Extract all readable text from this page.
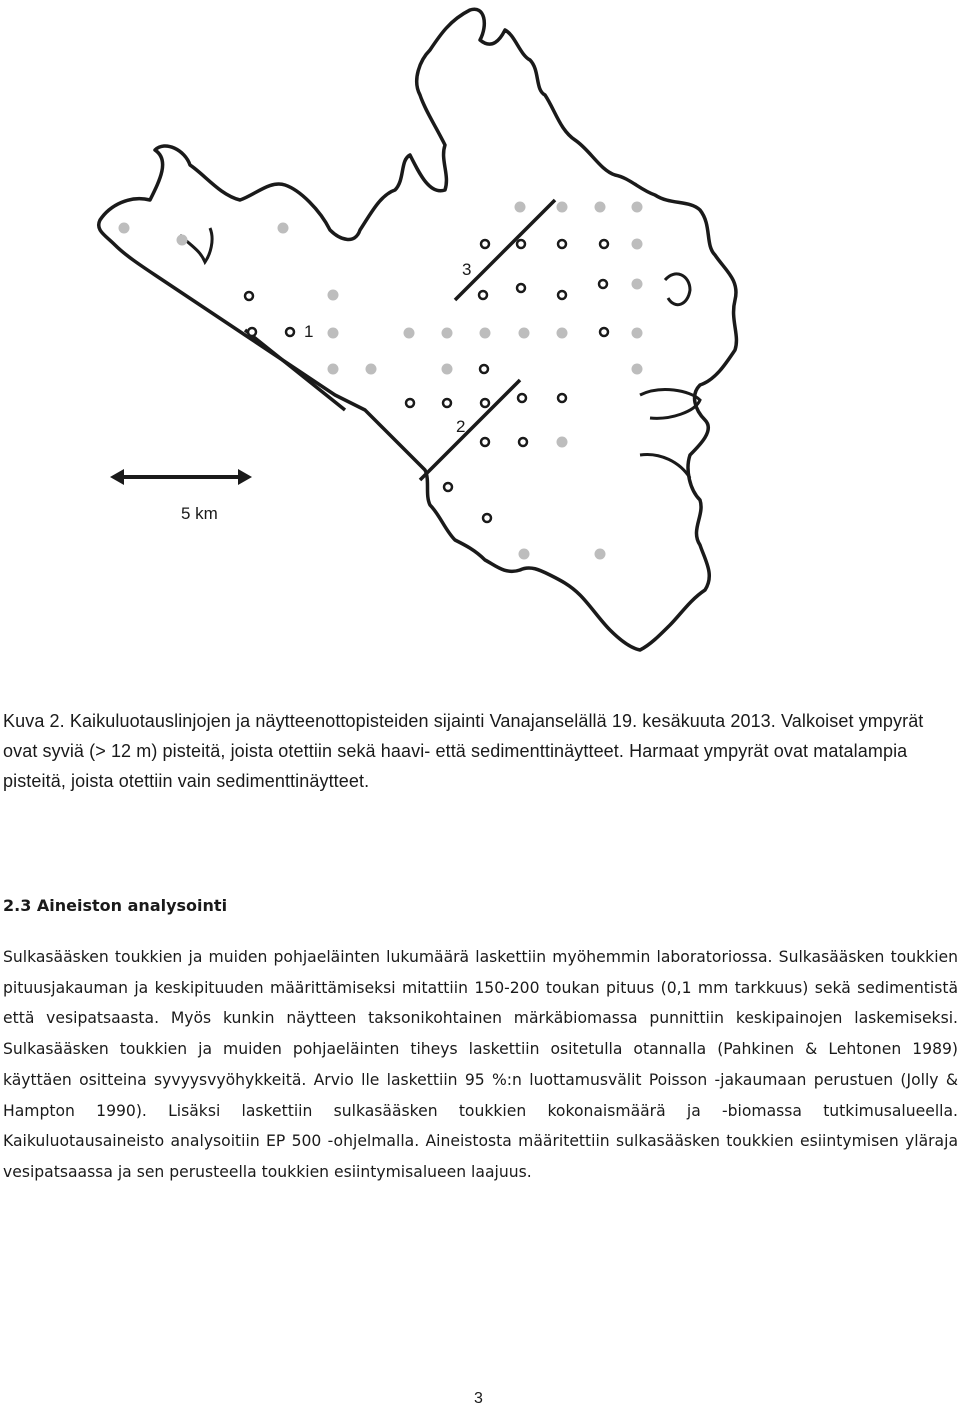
1
2
3
5 km

Kuva 2. Kaikuluotauslinjojen ja näytteenottopisteiden sijainti Vanajanselällä 19. kesäkuuta 2013. Valkoiset ympyrät ovat syviä (> 12 m) pisteitä, joista otettiin sekä haavi- että sedimenttinäytteet. Harmaat ympyrät ovat matalampia pisteitä, joista otettiin vain sedimenttinäytteet.

2.3 Aineiston analysointi

Sulkasääsken toukkien ja muiden pohjaeläinten lukumäärä laskettiin myöhemmin laboratoriossa. Sulkasääsken toukkien pituusjakauman ja keskipituuden määrittämiseksi mitattiin 150-200 toukan pituus (0,1 mm tarkkuus) sekä sedimentistä että vesipatsaasta. Myös kunkin näytteen taksonikohtainen märkäbiomassa punnittiin keskipainojen laskemiseksi. Sulkasääsken toukkien ja muiden pohjaeläinten tiheys laskettiin ositetulla otannalla (Pahkinen & Lehtonen 1989) käyttäen ositteina syvyysvyöhykkeitä. Arvio lle laskettiin 95 %:n luottamusvälit Poisson -jakaumaan perustuen (Jolly & Hampton 1990). Lisäksi laskettiin sulkasääsken toukkien kokonaismäärä ja -biomassa tutkimusalueella. Kaikuluotausaineisto analysoitiin EP 500 -ohjelmalla. Aineistosta määritettiin sulkasääsken toukkien esiintymisen yläraja vesipatsaassa ja sen perusteella toukkien esiintymisalueen laajuus.

3
